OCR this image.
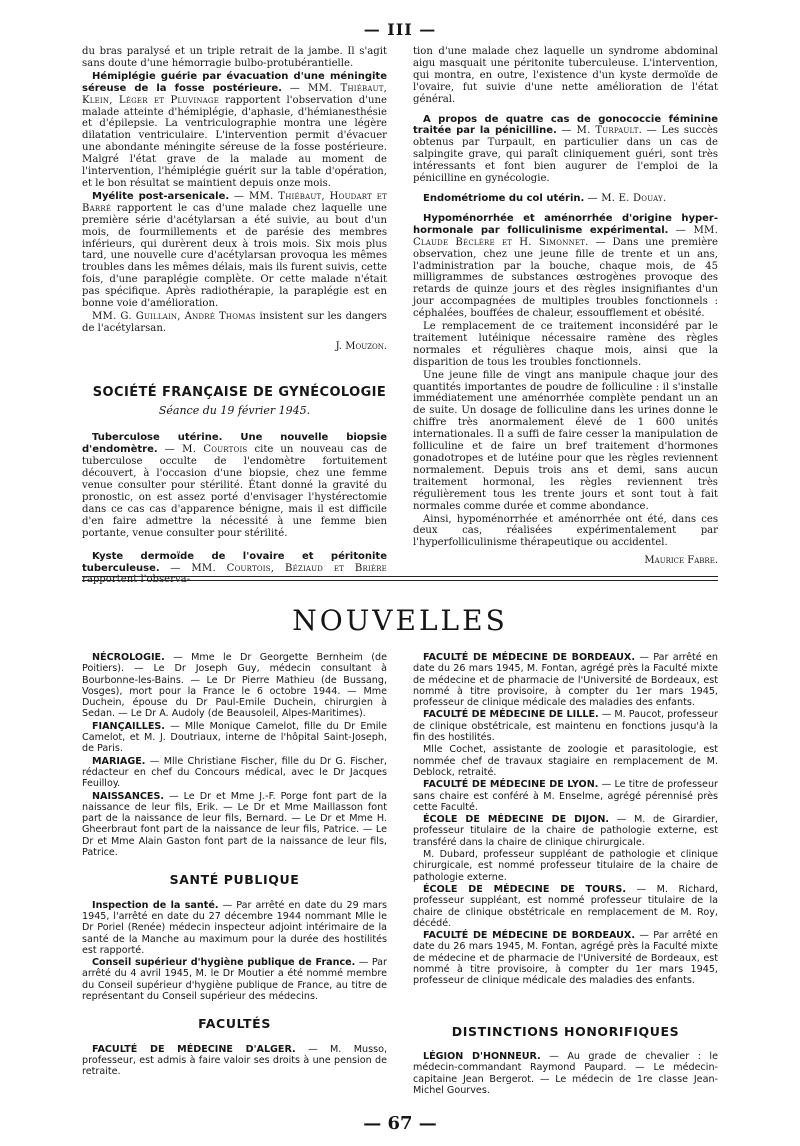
— III —

du bras paralysé et un triple retrait de la jambe. Il s'agit sans doute d'une hémorragie bulbo-protubérantielle.

Hémiplégie guérie par évacuation d'une méningite séreuse de la fosse postérieure. — MM. Thiébaut, Klein, Léger et Pluvinage rapportent l'observation d'une malade atteinte d'hémiplégie, d'aphasie, d'hémianesthésie et d'épilepsie. La ventriculographie montra une légère dilatation ventriculaire. L'intervention permit d'évacuer une abondante méningite séreuse de la fosse postérieure. Malgré l'état grave de la malade au moment de l'intervention, l'hémiplégie guérit sur la table d'opération, et le bon résultat se maintient depuis onze mois.

Myélite post-arsenicale. — MM. Thiébaut, Houdart et Barré rapportent le cas d'une malade chez laquelle une première série d'acétylarsan a été suivie, au bout d'un mois, de fourmillements et de parésie des membres inférieurs, qui durèrent deux à trois mois. Six mois plus tard, une nouvelle cure d'acétylarsan provoqua les mêmes troubles dans les mêmes délais, mais ils furent suivis, cette fois, d'une paraplégie complète. Or cette malade n'était pas spécifique. Après radiothérapie, la paraplégie est en bonne voie d'amélioration.

MM. G. Guillain, André Thomas insistent sur les dangers de l'acétylarsan.

J. Mouzon.

SOCIÉTÉ FRANÇAISE DE GYNÉCOLOGIE

Séance du 19 février 1945.

Tuberculose utérine. Une nouvelle biopsie d'endomètre. — M. Courtois cite un nouveau cas de tuberculose occulte de l'endomètre fortuitement découvert, à l'occasion d'une biopsie, chez une femme venue consulter pour stérilité. Étant donné la gravité du pronostic, on est assez porté d'envisager l'hystérectomie dans ce cas cas d'apparence bénigne, mais il est difficile d'en faire admettre la nécessité à une femme bien portante, venue consulter pour stérilité.

Kyste dermoïde de l'ovaire et péritonite tuberculeuse. — MM. Courtois, Béziaud et Brière rapportent l'observa-

tion d'une malade chez laquelle un syndrome abdominal aigu masquait une péritonite tuberculeuse. L'intervention, qui montra, en outre, l'existence d'un kyste dermoïde de l'ovaire, fut suivie d'une nette amélioration de l'état général.

A propos de quatre cas de gonococcie féminine traitée par la pénicilline. — M. Turpault. — Les succès obtenus par Turpault, en particulier dans un cas de salpingite grave, qui paraît cliniquement guéri, sont très intéressants et font bien augurer de l'emploi de la pénicilline en gynécologie.

Endométriome du col utérin. — M. E. Douay.

Hypoménorrhée et aménorrhée d'origine hyper-hormonale par folliculinisme expérimental. — MM. Claude Béclère et H. Simonnet. — Dans une première observation, chez une jeune fille de trente et un ans, l'administration par la bouche, chaque mois, de 45 milligrammes de substances œstrogènes provoque des retards de quinze jours et des règles insignifiantes d'un jour accompagnées de multiples troubles fonctionnels : céphalées, bouffées de chaleur, essoufflement et obésité.

Le remplacement de ce traitement inconsidéré par le traitement lutéinique nécessaire ramène des règles normales et régulières chaque mois, ainsi que la disparition de tous les troubles fonctionnels.

Une jeune fille de vingt ans manipule chaque jour des quantités importantes de poudre de folliculine : il s'installe immédiatement une aménorrhée complète pendant un an de suite. Un dosage de folliculine dans les urines donne le chiffre très anormalement élevé de 1 600 unités internationales. Il a suffi de faire cesser la manipulation de folliculine et de faire un bref traitement d'hormones gonadotropes et de lutéine pour que les règles reviennent normalement. Depuis trois ans et demi, sans aucun traitement hormonal, les règles reviennent très régulièrement tous les trente jours et sont tout à fait normales comme durée et comme abondance.

Ainsi, hypoménorrhée et aménorrhée ont été, dans ces deux cas, réalisées expérimentalement par l'hyperfolliculinisme thérapeutique ou accidentel.

Maurice Fabre.
NOUVELLES

NÉCROLOGIE. — Mme le Dr Georgette Bernheim (de Poitiers). — Le Dr Joseph Guy, médecin consultant à Bourbonne-les-Bains. — Le Dr Pierre Mathieu (de Bussang, Vosges), mort pour la France le 6 octobre 1944. — Mme Duchein, épouse du Dr Paul-Emile Duchein, chirurgien à Sedan. — Le Dr A. Audoly (de Beausoleil, Alpes-Maritimes).

FIANÇAILLES. — Mlle Monique Camelot, fille du Dr Emile Camelot, et M. J. Doutriaux, interne de l'hôpital Saint-Joseph, de Paris.

MARIAGE. — Mlle Christiane Fischer, fille du Dr G. Fischer, rédacteur en chef du Concours médical, avec le Dr Jacques Feuilloy.

NAISSANCES. — Le Dr et Mme J.-F. Porge font part de la naissance de leur fils, Erik. — Le Dr et Mme Maillasson font part de la naissance de leur fils, Bernard. — Le Dr et Mme H. Gheerbraut font part de la naissance de leur fils, Patrice. — Le Dr et Mme Alain Gaston font part de la naissance de leur fils, Patrice.

SANTÉ PUBLIQUE

Inspection de la santé. — Par arrêté en date du 29 mars 1945, l'arrêté en date du 27 décembre 1944 nommant Mlle le Dr Poriel (Renée) médecin inspecteur adjoint intérimaire de la santé de la Manche au maximum pour la durée des hostilités est rapporté.

Conseil supérieur d'hygiène publique de France. — Par arrêté du 4 avril 1945, M. le Dr Moutier a été nommé membre du Conseil supérieur d'hygiène publique de France, au titre de représentant du Conseil supérieur des médecins.

FACULTÉS

FACULTÉ DE MÉDECINE D'ALGER. — M. Musso, professeur, est admis à faire valoir ses droits à une pension de retraite.

FACULTÉ DE MÉDECINE DE BORDEAUX. — Par arrêté en date du 26 mars 1945, M. Fontan, agrégé près la Faculté mixte de médecine et de pharmacie de l'Université de Bordeaux, est nommé à titre provisoire, à compter du 1er mars 1945, professeur de clinique médicale des maladies des enfants.

FACULTÉ DE MÉDECINE DE LILLE. — M. Paucot, professeur de clinique obstétricale, est maintenu en fonctions jusqu'à la fin des hostilités.

Mlle Cochet, assistante de zoologie et parasitologie, est nommée chef de travaux stagiaire en remplacement de M. Deblock, retraité.

FACULTÉ DE MÉDECINE DE LYON. — Le titre de professeur sans chaire est conféré à M. Enselme, agrégé pérennisé près cette Faculté.

ÉCOLE DE MÉDECINE DE DIJON. — M. de Girardier, professeur titulaire de la chaire de pathologie externe, est transféré dans la chaire de clinique chirurgicale.

M. Dubard, professeur suppléant de pathologie et clinique chirurgicale, est nommé professeur titulaire de la chaire de pathologie externe.

ÉCOLE DE MÉDECINE DE TOURS. — M. Richard, professeur suppléant, est nommé professeur titulaire de la chaire de clinique obstétricale en remplacement de M. Roy, décédé.

FACULTÉ DE MÉDECINE DE BORDEAUX. — Par arrêté en date du 26 mars 1945, M. Fontan, agrégé près la Faculté mixte de médecine et de pharmacie de l'Université de Bordeaux, est nommé à titre provisoire, à compter du 1er mars 1945, professeur de clinique médicale des maladies des enfants.

DISTINCTIONS HONORIFIQUES

LÉGION D'HONNEUR. — Au grade de chevalier : le médecin-commandant Raymond Paupard. — Le médecin-capitaine Jean Bergerot. — Le médecin de 1re classe Jean-Michel Gourves.

— 67 —
